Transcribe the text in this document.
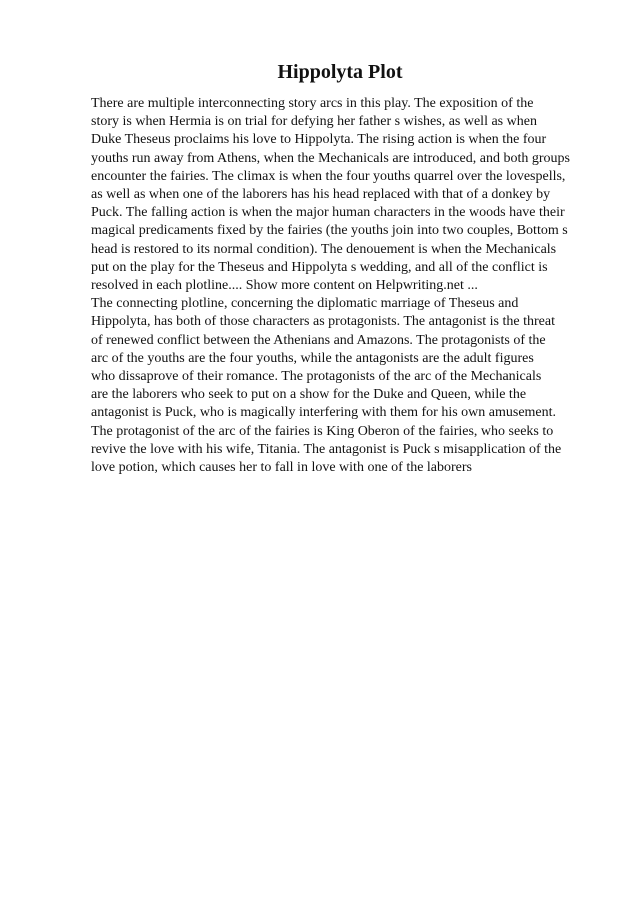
Hippolyta Plot
There are multiple interconnecting story arcs in this play. The exposition of the
story is when Hermia is on trial for defying her father s wishes, as well as when
Duke Theseus proclaims his love to Hippolyta. The rising action is when the four
youths run away from Athens, when the Mechanicals are introduced, and both groups
encounter the fairies. The climax is when the four youths quarrel over the lovespells,
as well as when one of the laborers has his head replaced with that of a donkey by
Puck. The falling action is when the major human characters in the woods have their
magical predicaments fixed by the fairies (the youths join into two couples, Bottom s
head is restored to its normal condition). The denouement is when the Mechanicals
put on the play for the Theseus and Hippolyta s wedding, and all of the conflict is
resolved in each plotline.... Show more content on Helpwriting.net ...
The connecting plotline, concerning the diplomatic marriage of Theseus and
Hippolyta, has both of those characters as protagonists. The antagonist is the threat
of renewed conflict between the Athenians and Amazons. The protagonists of the
arc of the youths are the four youths, while the antagonists are the adult figures
who dissaprove of their romance. The protagonists of the arc of the Mechanicals
are the laborers who seek to put on a show for the Duke and Queen, while the
antagonist is Puck, who is magically interfering with them for his own amusement.
The protagonist of the arc of the fairies is King Oberon of the fairies, who seeks to
revive the love with his wife, Titania. The antagonist is Puck s misapplication of the
love potion, which causes her to fall in love with one of the laborers
